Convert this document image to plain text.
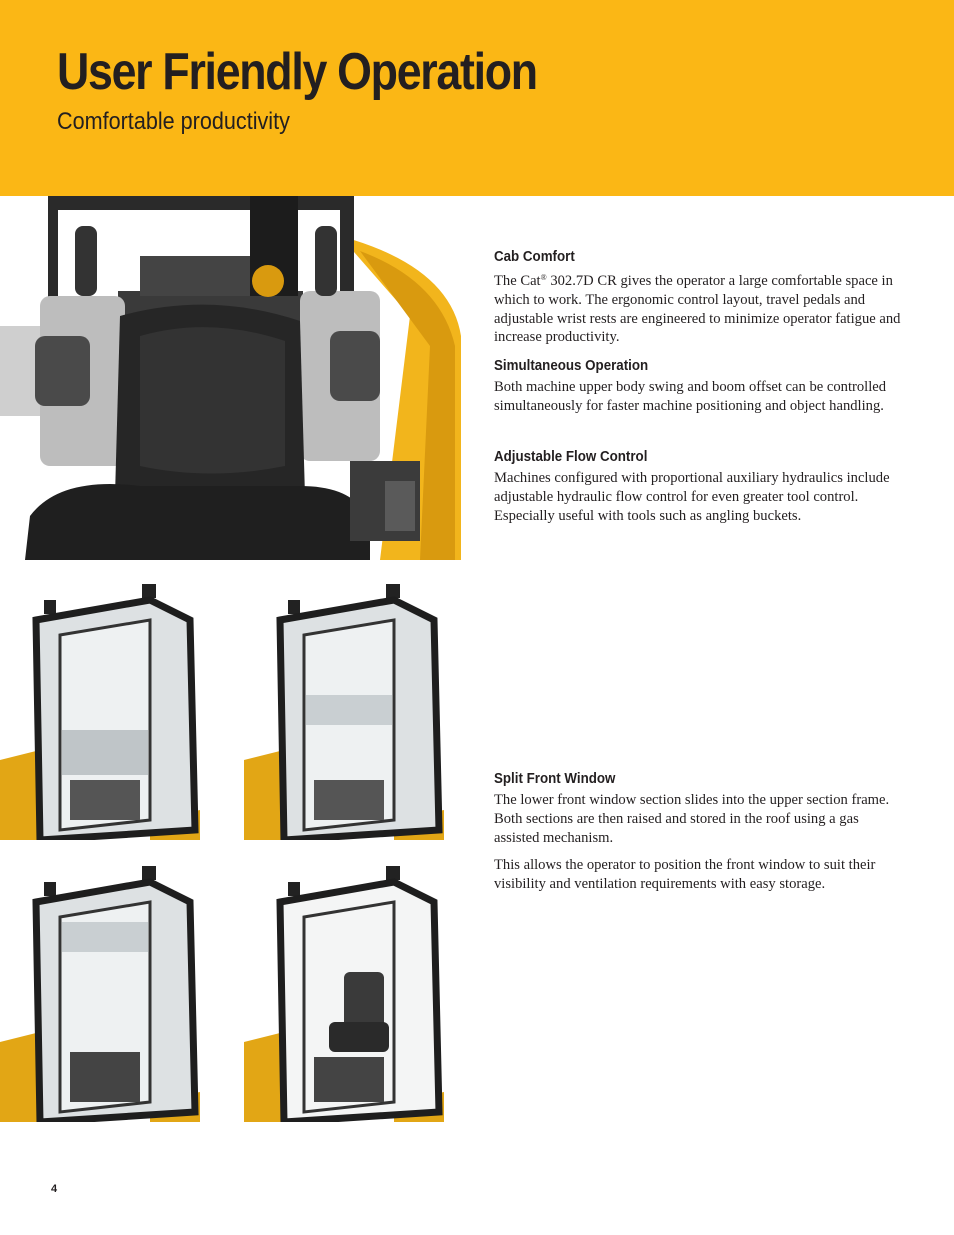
User Friendly Operation
Comfortable productivity
Cab Comfort

The Cat® 302.7D CR gives the operator a large comfortable space in which to work. The ergonomic control layout, travel pedals and adjustable wrist rests are engineered to minimize operator fatigue and increase productivity.

Simultaneous Operation

Both machine upper body swing and boom offset can be controlled simultaneously for faster machine positioning and object handling.

Adjustable Flow Control

Machines configured with proportional auxiliary hydraulics include adjustable hydraulic flow control for even greater tool control. Especially useful with tools such as angling buckets.

Split Front Window

The lower front window section slides into the upper section frame. Both sections are then raised and stored in the roof using a gas assisted mechanism.

This allows the operator to position the front window to suit their visibility and ventilation requirements with easy storage.

4
